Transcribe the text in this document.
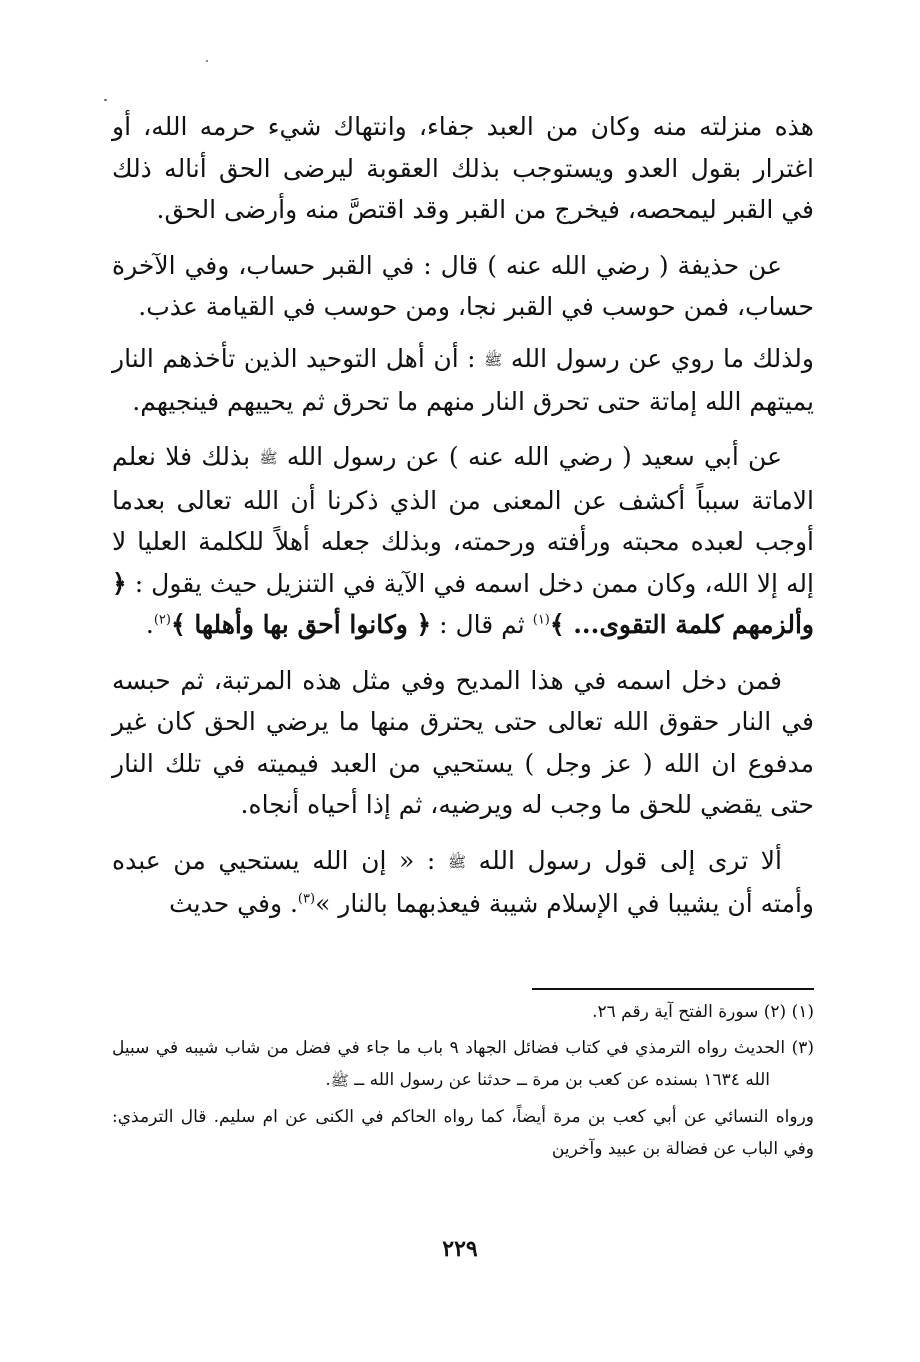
هذه منزلته منه وكان من العبد جفاء، وانتهاك شيء حرمه الله، أو اغترار بقول العدو ويستوجب بذلك العقوبة ليرضى الحق أناله ذلك في القبر ليمحصه، فيخرج من القبر وقد اقتصَّ منه وأرضى الحق.

عن حذيفة ( رضي الله عنه ) قال : في القبر حساب، وفي الآخرة حساب، فمن حوسب في القبر نجا، ومن حوسب في القيامة عذب.

ولذلك ما روي عن رسول الله ﷺ : أن أهل التوحيد الذين تأخذهم النار يميتهم الله إماتة حتى تحرق النار منهم ما تحرق ثم يحييهم فينجيهم.

عن أبي سعيد ( رضي الله عنه ) عن رسول الله ﷺ بذلك فلا نعلم الاماتة سبباً أكشف عن المعنى من الذي ذكرنا أن الله تعالى بعدما أوجب لعبده محبته ورأفته ورحمته، وبذلك جعله أهلاً للكلمة العليا لا إله إلا الله، وكان ممن دخل اسمه في الآية في التنزيل حيث يقول : ﴿ وألزمهم كلمة التقوى... ﴾$^{(١)}$ ثم قال : ﴿ وكانوا أحق بها وأهلها ﴾$^{(٢)}$.

فمن دخل اسمه في هذا المديح وفي مثل هذه المرتبة، ثم حبسه في النار حقوق الله تعالى حتى يحترق منها ما يرضي الحق كان غير مدفوع ان الله ( عز وجل ) يستحيي من العبد فيميته في تلك النار حتى يقضي للحق ما وجب له ويرضيه، ثم إذا أحياه أنجاه.

ألا ترى إلى قول رسول الله ﷺ : « إن الله يستحيي من عبده وأمته أن يشيبا في الإسلام شيبة فيعذبهما بالنار »$^{(٣)}$. وفي حديث

(١) (٢) سورة الفتح آية رقم ٢٦.

(٣) الحديث رواه الترمذي في كتاب فضائل الجهاد ٩ باب ما جاء في فضل من شاب شيبه في سبيل الله ١٦٣٤ بسنده عن كعب بن مرة ــ حدثنا عن رسول الله ــ ﷺ.

ورواه النسائي عن أبي كعب بن مرة أيضاً، كما رواه الحاكم في الكنى عن ام سليم. قال الترمذي: وفي الباب عن فضالة بن عبيد وآخرين

٢٢٩
